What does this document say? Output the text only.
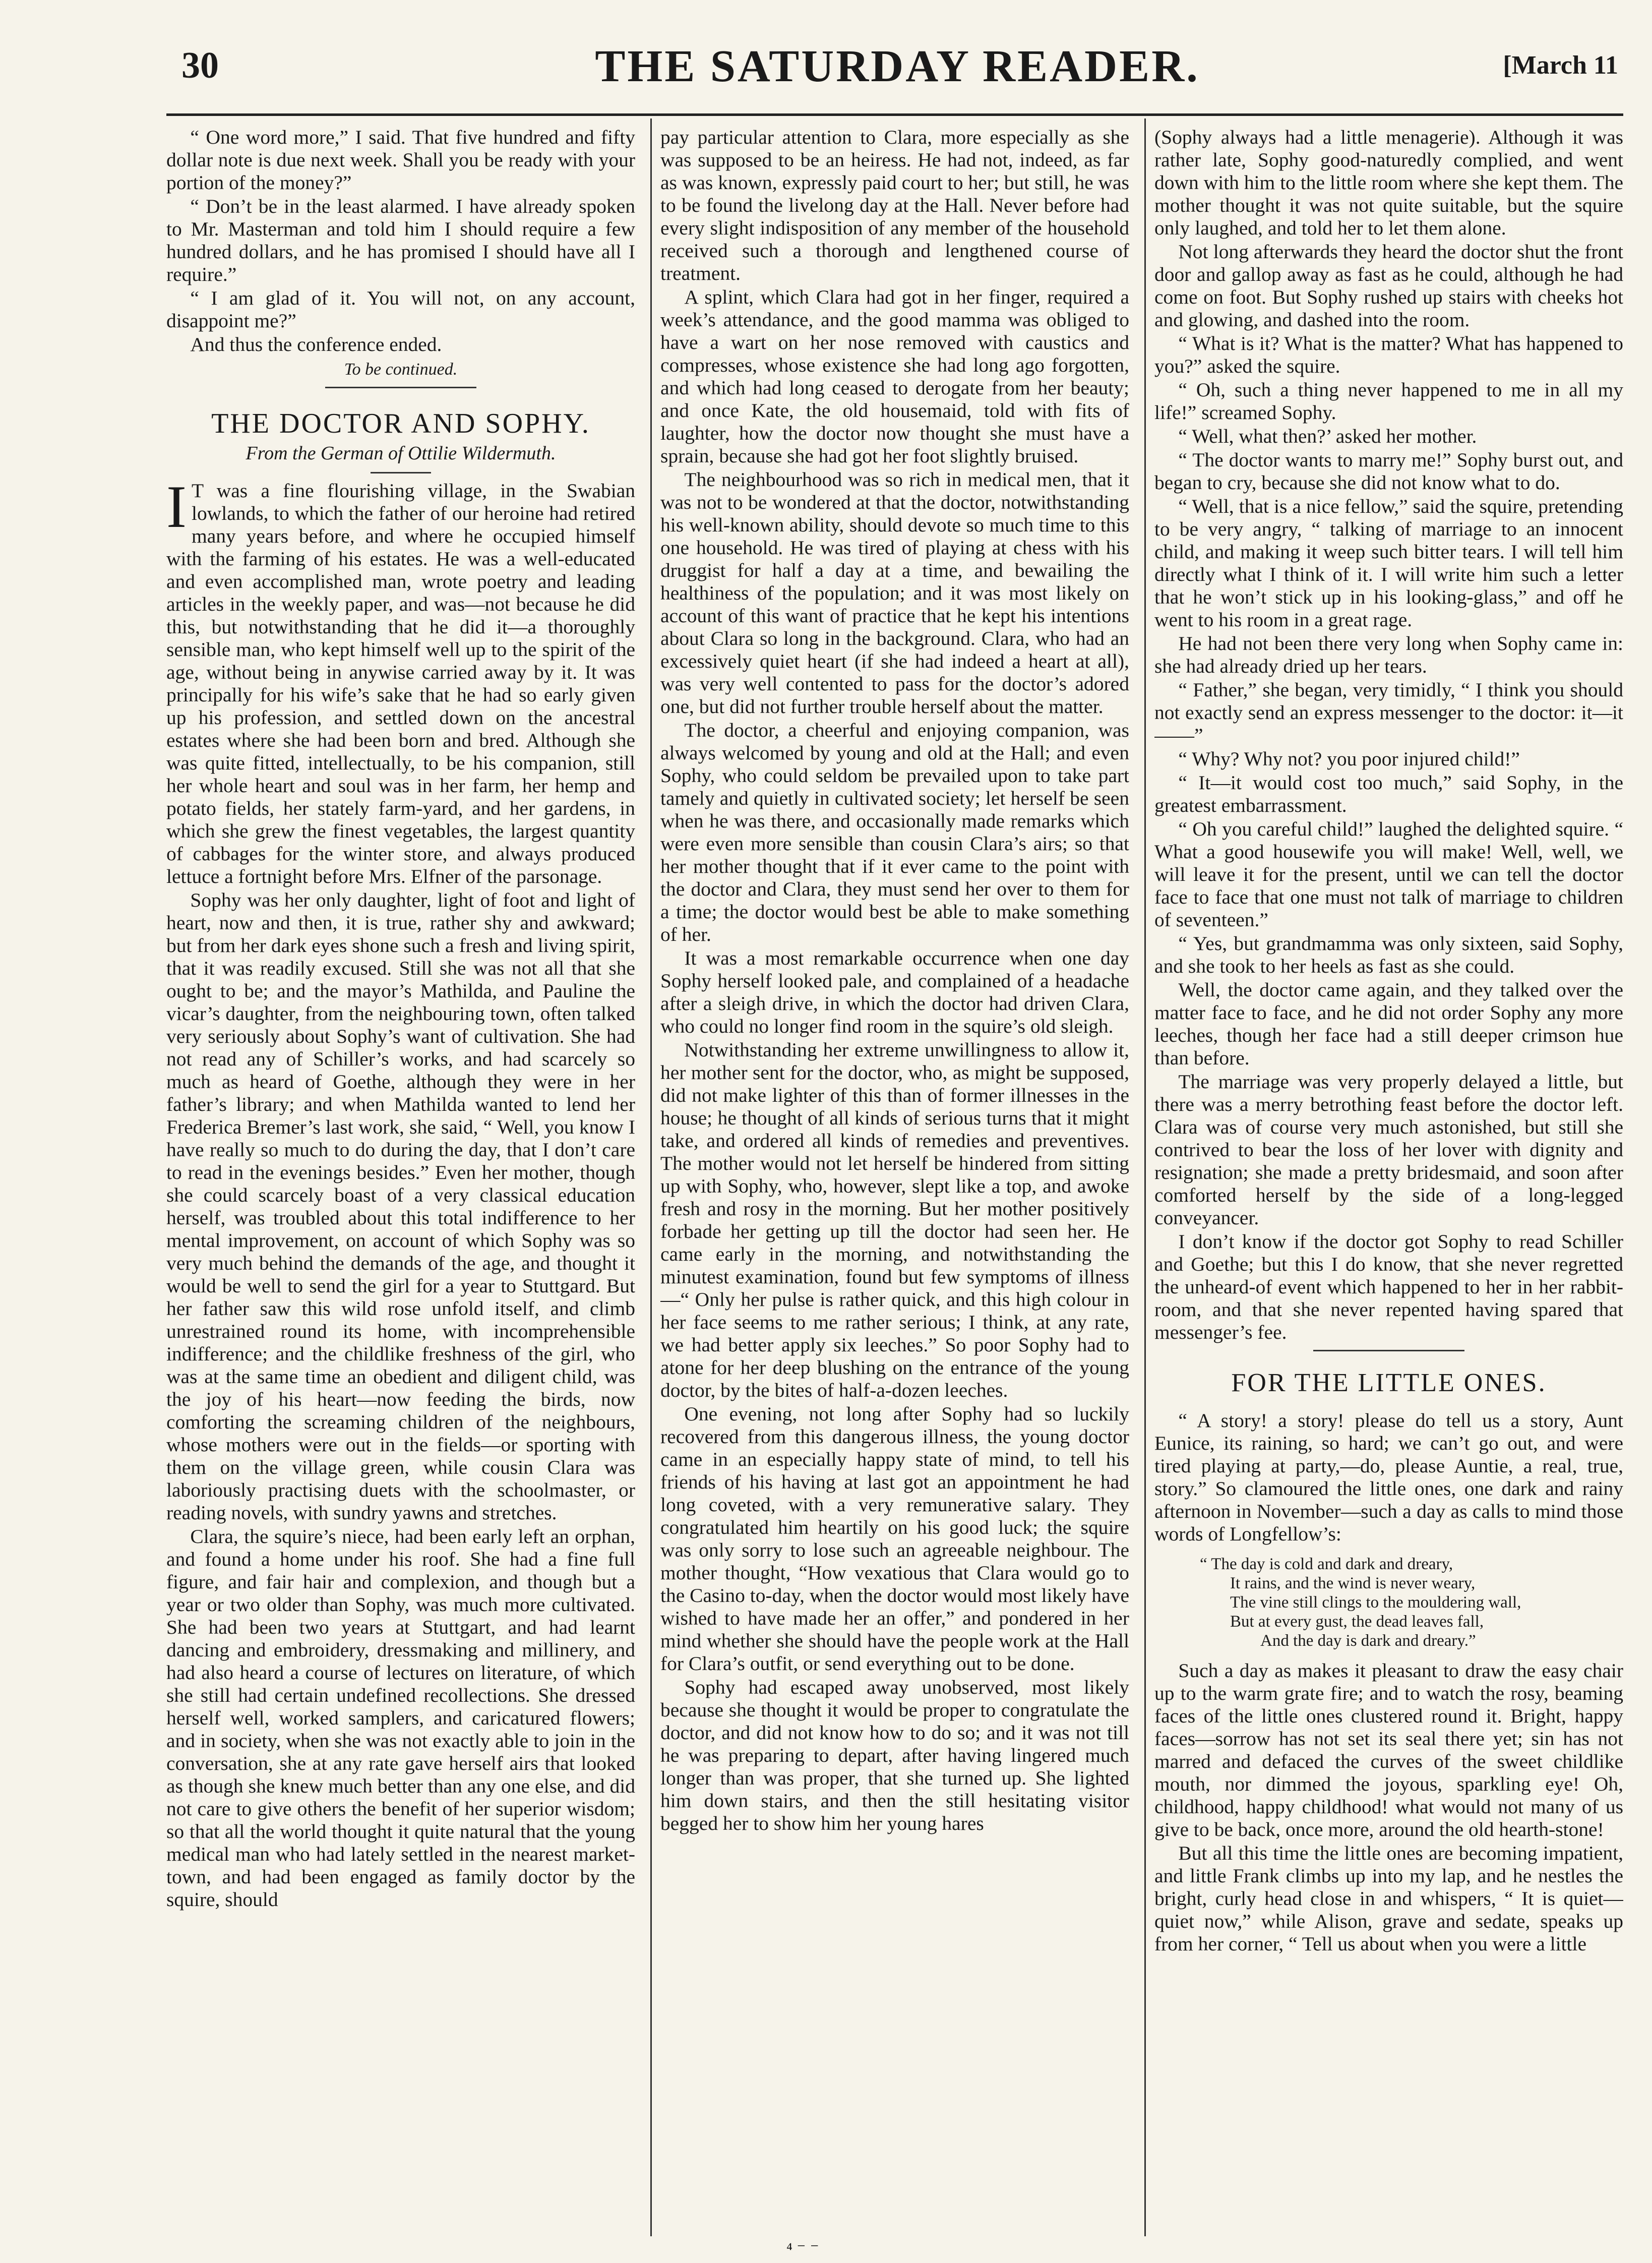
30	THE SATURDAY READER.	[March 11

“ One word more,” I said. That five hundred and fifty dollar note is due next week. Shall you be ready with your portion of the money?”

“ Don’t be in the least alarmed. I have already spoken to Mr. Masterman and told him I should require a few hundred dollars, and he has promised I should have all I require.”

“ I am glad of it. You will not, on any account, disappoint me?”

And thus the conference ended.

To be continued.
THE DOCTOR AND SOPHY.
From the German of Ottilie Wildermuth.

I T was a fine flourishing village, in the Swabian lowlands, to which the father of our heroine had retired many years before, and where he occupied himself with the farming of his estates. He was a well-educated and even accomplished man, wrote poetry and leading articles in the weekly paper, and was—not because he did this, but notwithstanding that he did it—a thoroughly sensible man, who kept himself well up to the spirit of the age, without being in anywise carried away by it. It was principally for his wife’s sake that he had so early given up his profession, and settled down on the ancestral estates where she had been born and bred. Although she was quite fitted, intellectually, to be his companion, still her whole heart and soul was in her farm, her hemp and potato fields, her stately farm-yard, and her gardens, in which she grew the finest vegetables, the largest quantity of cabbages for the winter store, and always produced lettuce a fortnight before Mrs. Elfner of the parsonage.

Sophy was her only daughter, light of foot and light of heart, now and then, it is true, rather shy and awkward; but from her dark eyes shone such a fresh and living spirit, that it was readily excused. Still she was not all that she ought to be; and the mayor’s Mathilda, and Pauline the vicar’s daughter, from the neighbouring town, often talked very seriously about Sophy’s want of cultivation. She had not read any of Schiller’s works, and had scarcely so much as heard of Goethe, although they were in her father’s library; and when Mathilda wanted to lend her Frederica Bremer’s last work, she said, “ Well, you know I have really so much to do during the day, that I don’t care to read in the evenings besides.” Even her mother, though she could scarcely boast of a very classical education herself, was troubled about this total indifference to her mental improvement, on account of which Sophy was so very much behind the demands of the age, and thought it would be well to send the girl for a year to Stuttgard. But her father saw this wild rose unfold itself, and climb unrestrained round its home, with incomprehensible indifference; and the childlike freshness of the girl, who was at the same time an obedient and diligent child, was the joy of his heart—now feeding the birds, now comforting the screaming children of the neighbours, whose mothers were out in the fields—or sporting with them on the village green, while cousin Clara was laboriously practising duets with the schoolmaster, or reading novels, with sundry yawns and stretches.

Clara, the squire’s niece, had been early left an orphan, and found a home under his roof. She had a fine full figure, and fair hair and complexion, and though but a year or two older than Sophy, was much more cultivated. She had been two years at Stuttgart, and had learnt dancing and embroidery, dressmaking and millinery, and had also heard a course of lectures on literature, of which she still had certain undefined recollections. She dressed herself well, worked samplers, and caricatured flowers; and in society, when she was not exactly able to join in the conversation, she at any rate gave herself airs that looked as though she knew much better than any one else, and did not care to give others the benefit of her superior wisdom; so that all the world thought it quite natural that the young medical man who had lately settled in the nearest market-town, and had been engaged as family doctor by the squire, should

pay particular attention to Clara, more especially as she was supposed to be an heiress. He had not, indeed, as far as was known, expressly paid court to her; but still, he was to be found the livelong day at the Hall. Never before had every slight indisposition of any member of the household received such a thorough and lengthened course of treatment.

A splint, which Clara had got in her finger, required a week’s attendance, and the good mamma was obliged to have a wart on her nose removed with caustics and compresses, whose existence she had long ago forgotten, and which had long ceased to derogate from her beauty; and once Kate, the old housemaid, told with fits of laughter, how the doctor now thought she must have a sprain, because she had got her foot slightly bruised.

The neighbourhood was so rich in medical men, that it was not to be wondered at that the doctor, notwithstanding his well-known ability, should devote so much time to this one household. He was tired of playing at chess with his druggist for half a day at a time, and bewailing the healthiness of the population; and it was most likely on account of this want of practice that he kept his intentions about Clara so long in the background. Clara, who had an excessively quiet heart (if she had indeed a heart at all), was very well contented to pass for the doctor’s adored one, but did not further trouble herself about the matter.

The doctor, a cheerful and enjoying companion, was always welcomed by young and old at the Hall; and even Sophy, who could seldom be prevailed upon to take part tamely and quietly in cultivated society; let herself be seen when he was there, and occasionally made remarks which were even more sensible than cousin Clara’s airs; so that her mother thought that if it ever came to the point with the doctor and Clara, they must send her over to them for a time; the doctor would best be able to make something of her.

It was a most remarkable occurrence when one day Sophy herself looked pale, and complained of a headache after a sleigh drive, in which the doctor had driven Clara, who could no longer find room in the squire’s old sleigh.

Notwithstanding her extreme unwillingness to allow it, her mother sent for the doctor, who, as might be supposed, did not make lighter of this than of former illnesses in the house; he thought of all kinds of serious turns that it might take, and ordered all kinds of remedies and preventives. The mother would not let herself be hindered from sitting up with Sophy, who, however, slept like a top, and awoke fresh and rosy in the morning. But her mother positively forbade her getting up till the doctor had seen her. He came early in the morning, and notwithstanding the minutest examination, found but few symptoms of illness—“ Only her pulse is rather quick, and this high colour in her face seems to me rather serious; I think, at any rate, we had better apply six leeches.” So poor Sophy had to atone for her deep blushing on the entrance of the young doctor, by the bites of half-a-dozen leeches.

One evening, not long after Sophy had so luckily recovered from this dangerous illness, the young doctor came in an especially happy state of mind, to tell his friends of his having at last got an appointment he had long coveted, with a very remunerative salary. They congratulated him heartily on his good luck; the squire was only sorry to lose such an agreeable neighbour. The mother thought, “How vexatious that Clara would go to the Casino to-day, when the doctor would most likely have wished to have made her an offer,” and pondered in her mind whether she should have the people work at the Hall for Clara’s outfit, or send everything out to be done.

Sophy had escaped away unobserved, most likely because she thought it would be proper to congratulate the doctor, and did not know how to do so; and it was not till he was preparing to depart, after having lingered much longer than was proper, that she turned up. She lighted him down stairs, and then the still hesitating visitor begged her to show him her young hares

(Sophy always had a little menagerie). Although it was rather late, Sophy good-naturedly complied, and went down with him to the little room where she kept them. The mother thought it was not quite suitable, but the squire only laughed, and told her to let them alone.

Not long afterwards they heard the doctor shut the front door and gallop away as fast as he could, although he had come on foot. But Sophy rushed up stairs with cheeks hot and glowing, and dashed into the room.

“ What is it? What is the matter? What has happened to you?” asked the squire.

“ Oh, such a thing never happened to me in all my life!” screamed Sophy.

“ Well, what then?’ asked her mother.

“ The doctor wants to marry me!” Sophy burst out, and began to cry, because she did not know what to do.

“ Well, that is a nice fellow,” said the squire, pretending to be very angry, “ talking of marriage to an innocent child, and making it weep such bitter tears. I will tell him directly what I think of it. I will write him such a letter that he won’t stick up in his looking-glass,” and off he went to his room in a great rage.

He had not been there very long when Sophy came in: she had already dried up her tears.

“ Father,” she began, very timidly, “ I think you should not exactly send an express messenger to the doctor: it—it——”

“ Why? Why not? you poor injured child!”

“ It—it would cost too much,” said Sophy, in the greatest embarrassment.

“ Oh you careful child!” laughed the delighted squire. “ What a good housewife you will make! Well, well, we will leave it for the present, until we can tell the doctor face to face that one must not talk of marriage to children of seventeen.”

“ Yes, but grandmamma was only sixteen, said Sophy, and she took to her heels as fast as she could.

Well, the doctor came again, and they talked over the matter face to face, and he did not order Sophy any more leeches, though her face had a still deeper crimson hue than before.

The marriage was very properly delayed a little, but there was a merry betrothing feast before the doctor left. Clara was of course very much astonished, but still she contrived to bear the loss of her lover with dignity and resignation; she made a pretty bridesmaid, and soon after comforted herself by the side of a long-legged conveyancer.

I don’t know if the doctor got Sophy to read Schiller and Goethe; but this I do know, that she never regretted the unheard-of event which happened to her in her rabbit-room, and that she never repented having spared that messenger’s fee.

FOR THE LITTLE ONES.

“ A story! a story! please do tell us a story, Aunt Eunice, its raining, so hard; we can’t go out, and were tired playing at party,—do, please Auntie, a real, true, story.” So clamoured the little ones, one dark and rainy afternoon in November—such a day as calls to mind those words of Longfellow’s:

“ The day is cold and dark and dreary,
It rains, and the wind is never weary,
The vine still clings to the mouldering wall,
But at every gust, the dead leaves fall,
And the day is dark and dreary.”

Such a day as makes it pleasant to draw the easy chair up to the warm grate fire; and to watch the rosy, beaming faces of the little ones clustered round it. Bright, happy faces—sorrow has not set its seal there yet; sin has not marred and defaced the curves of the sweet childlike mouth, nor dimmed the joyous, sparkling eye! Oh, childhood, happy childhood! what would not many of us give to be back, once more, around the old hearth-stone!

But all this time the little ones are becoming impatient, and little Frank climbs up into my lap, and he nestles the bright, curly head close in and whispers, “ It is quiet—quiet now,” while Alison, grave and sedate, speaks up from her corner, “ Tell us about when you were a little

⁴ ⁻ ⁻
